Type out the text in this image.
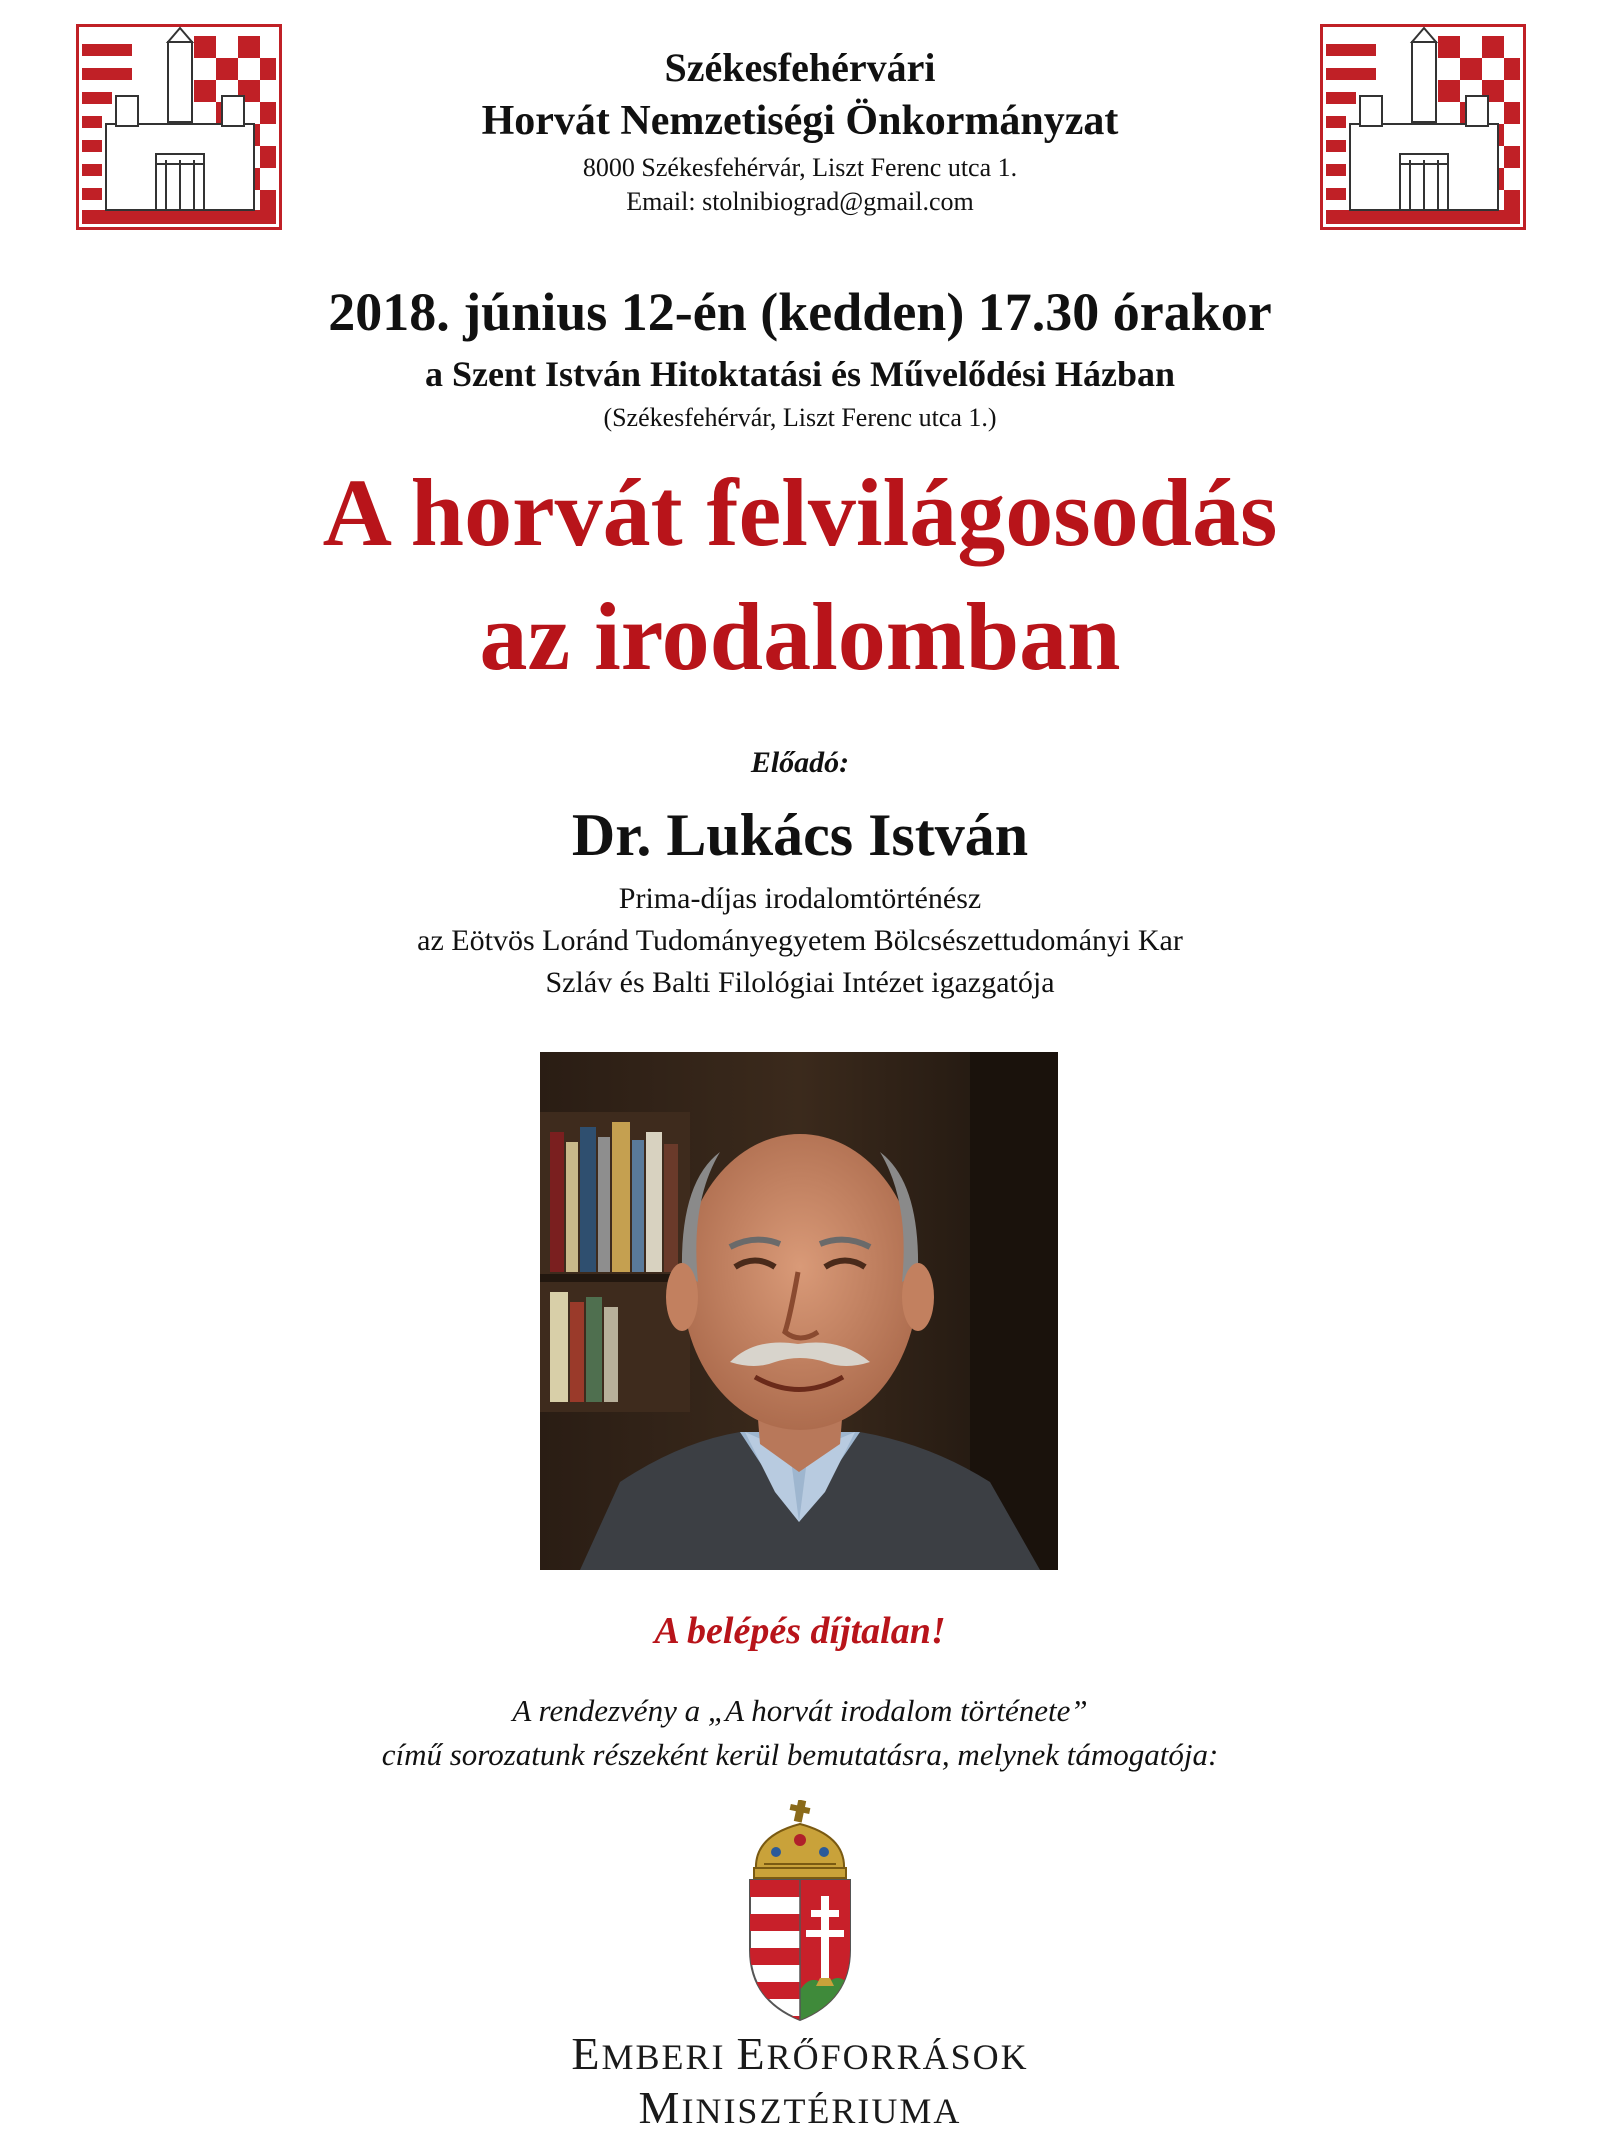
Székesfehérvári
Horvát Nemzetiségi Önkormányzat
8000 Székesfehérvár, Liszt Ferenc utca 1.
Email: stolnibiograd@gmail.com
2018. június 12-én (kedden) 17.30 órakor
a Szent István Hitoktatási és Művelődési Házban
(Székesfehérvár, Liszt Ferenc utca 1.)
A horvát felvilágosodás
az irodalomban
Előadó:
Dr. Lukács István
Prima-díjas irodalomtörténész
az Eötvös Loránd Tudományegyetem Bölcsészettudományi Kar
Szláv és Balti Filológiai Intézet igazgatója
A belépés díjtalan!
A rendezvény a „A horvát irodalom története”
című sorozatunk részeként kerül bemutatásra, melynek támogatója:
EMBERI ERŐFORRÁSOK
MINISZTÉRIUMA
